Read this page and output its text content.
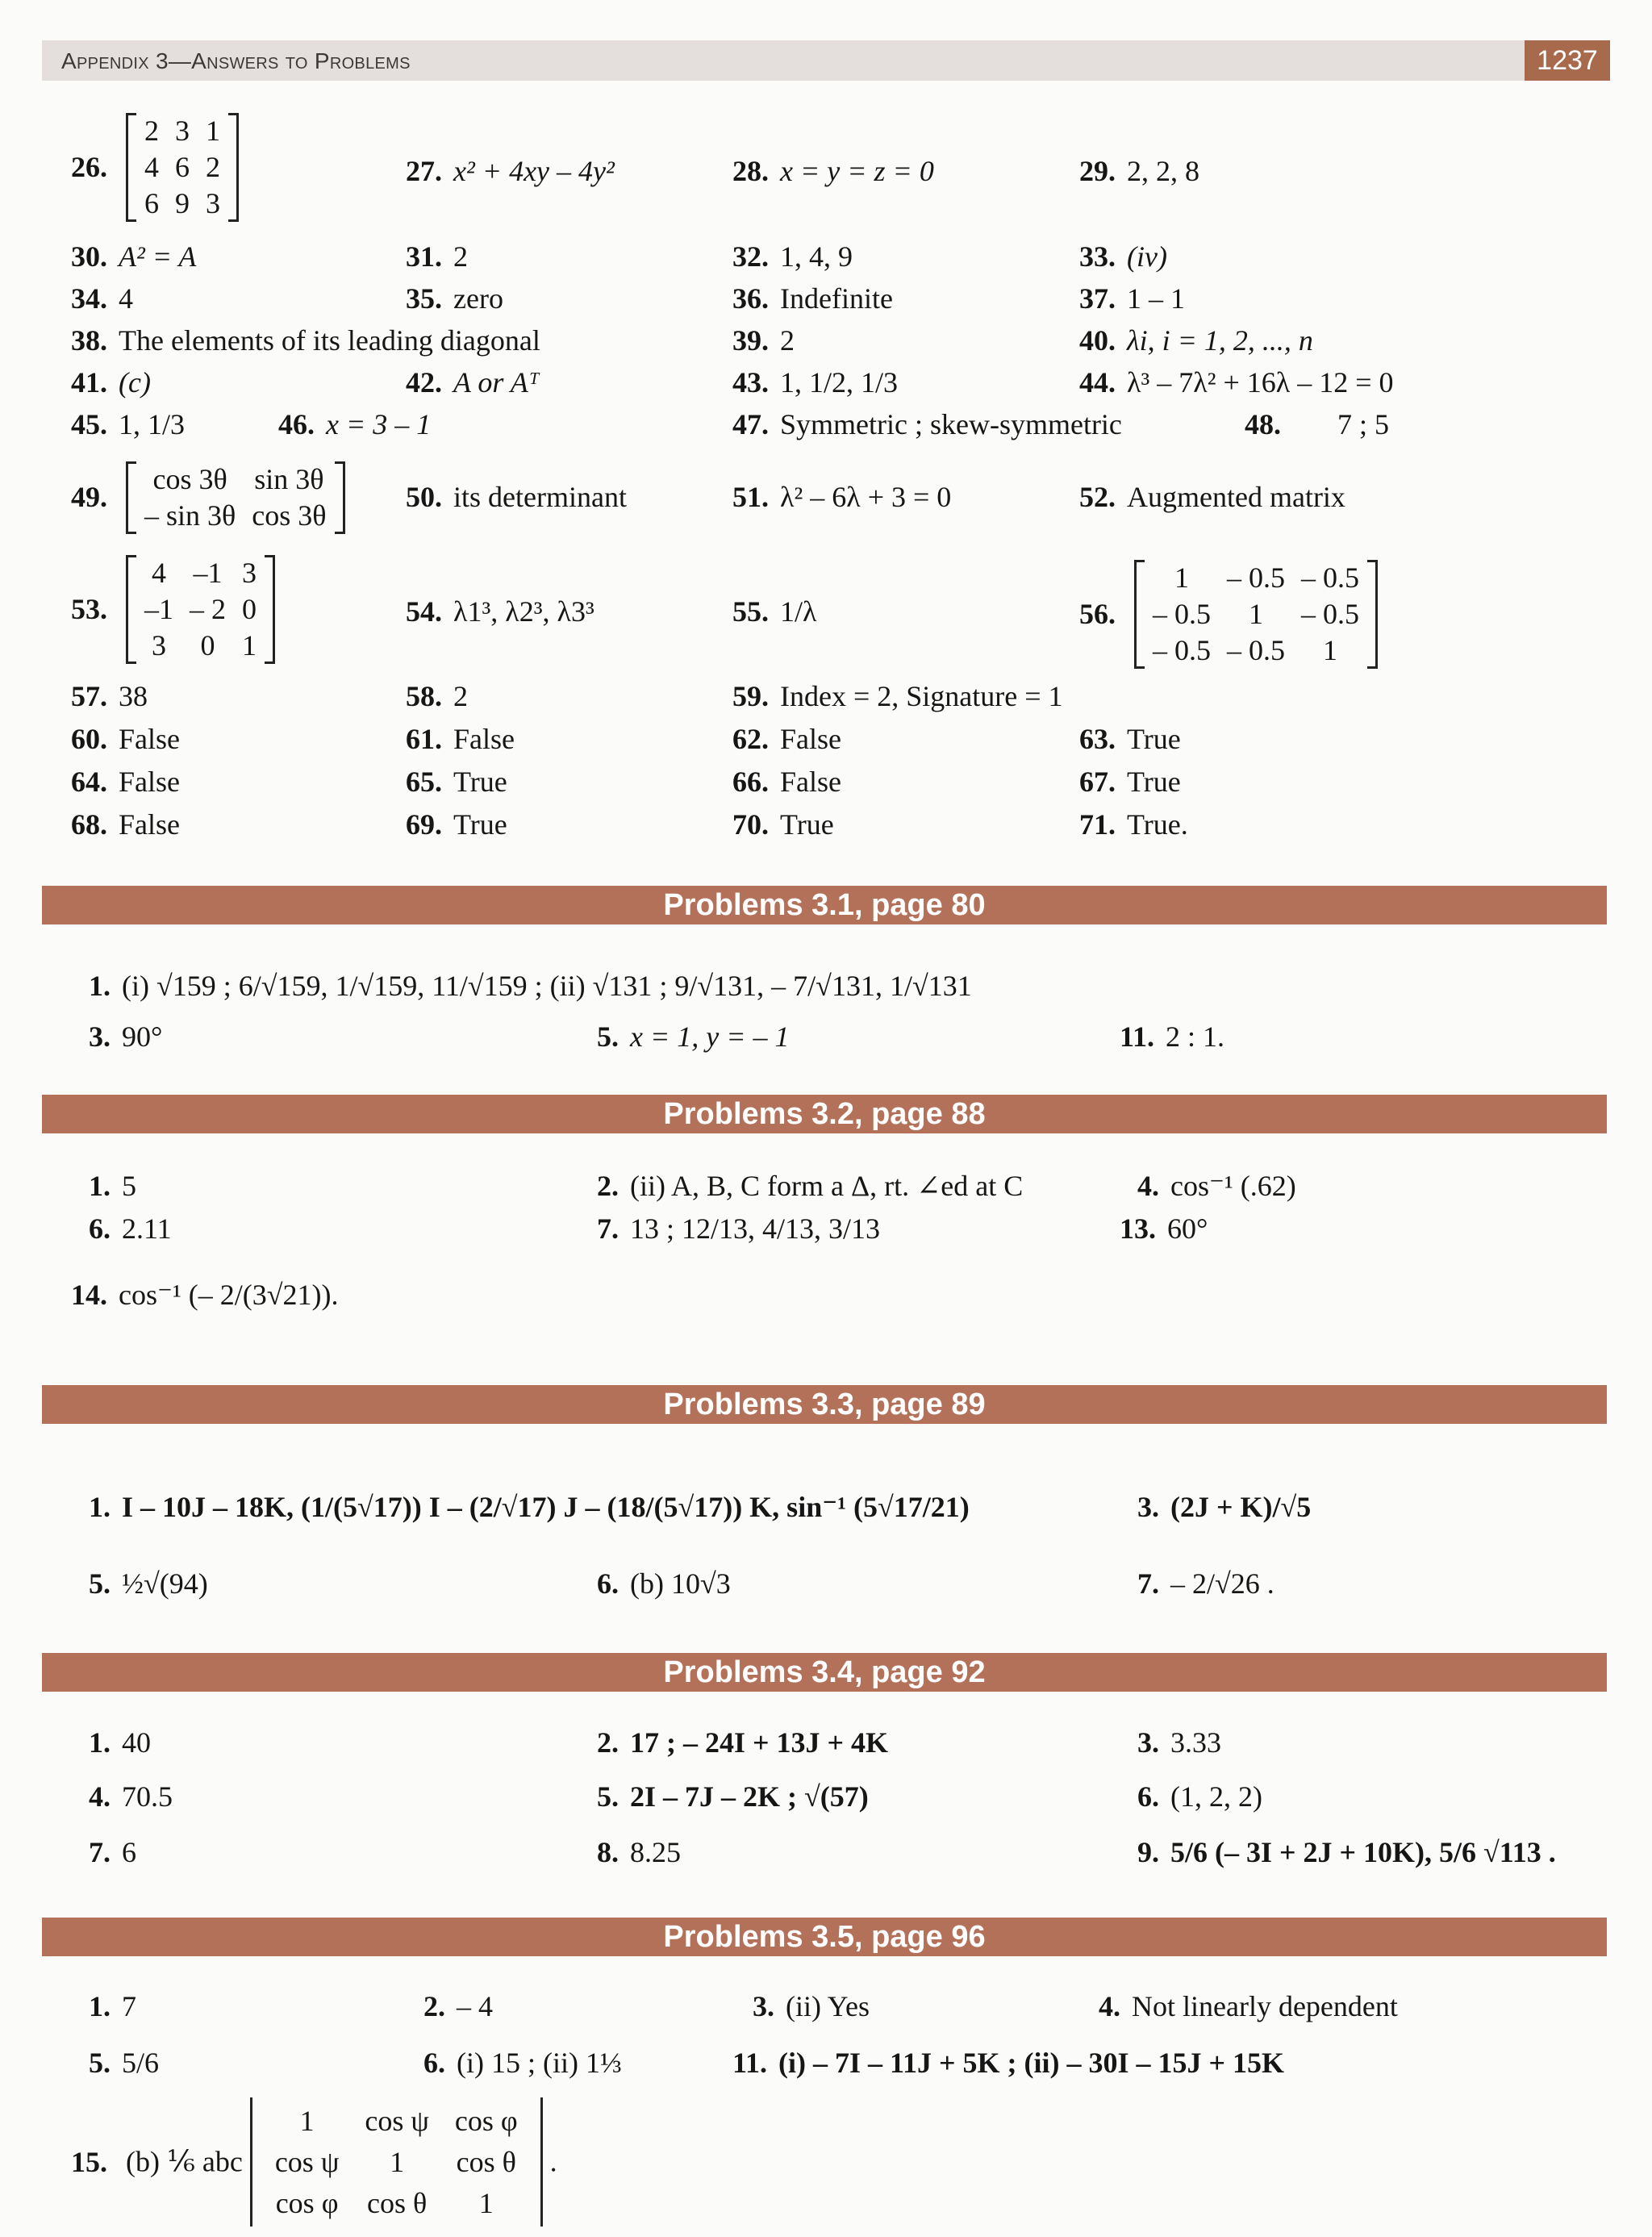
Appendix 3—Answers to Problems	1237
26.
2	3	1
4	6	2
6	9	3
27. x² + 4xy – 4y²	28. x = y = z = 0	29. 2, 2, 8
30. A² = A	31. 2	32. 1, 4, 9	33. (iv)
34. 4	35. zero	36. Indefinite	37. 1 – 1
38. The elements of its leading diagonal	39. 2	40. λi, i = 1, 2, ..., n
41. (c)	42. A or Aᵀ	43. 1, 1/2, 1/3	44. λ³ – 7λ² + 16λ – 12 = 0
45. 1, 1/3	46. x = 3 – 1	47. Symmetric ; skew-symmetric	48. 7 ; 5
49.
cos 3θ	sin 3θ
– sin 3θ	cos 3θ
50. its determinant	51. λ² – 6λ + 3 = 0	52. Augmented matrix
53.
4	–1	3
–1	– 2	0
3	0	1
54. λ1³, λ2³, λ3³	55. 1/λ	56.
1	– 0.5	– 0.5
– 0.5	1	– 0.5
– 0.5	– 0.5	1
57. 38	58. 2	59. Index = 2, Signature = 1
60. False	61. False	62. False	63. True
64. False	65. True	66. False	67. True
68. False	69. True	70. True	71. True.
Problems 3.1, page 80
1. (i) √159 ; 6/√159, 1/√159, 11/√159 ; (ii) √131 ; 9/√131, – 7/√131, 1/√131
3. 90°	5. x = 1, y = – 1	11. 2 : 1.
Problems 3.2, page 88
1. 5	2. (ii) A, B, C form a Δ, rt. ∠ed at C	4. cos⁻¹ (.62)
6. 2.11	7. 13 ; 12/13, 4/13, 3/13	13. 60°
14. cos⁻¹ (– 2/(3√21)).
Problems 3.3, page 89
1. I – 10J – 18K, (1/(5√17)) I – (2/√17) J – (18/(5√17)) K, sin⁻¹ (5√17/21)	3. (2J + K)/√5
5. ½√(94)	6. (b) 10√3	7. – 2/√26 .
Problems 3.4, page 92
1. 40	2. 17 ; – 24I + 13J + 4K	3. 3.33
4. 70.5	5. 2I – 7J – 2K ; √(57)	6. (1, 2, 2)
7. 6	8. 8.25	9. 5/6 (– 3I + 2J + 10K), 5/6 √113 .
Problems 3.5, page 96
1. 7	2. – 4	3. (ii) Yes	4. Not linearly dependent
5. 5/6	6. (i) 15 ; (ii) 1⅓	11. (i) – 7I – 11J + 5K ; (ii) – 30I – 15J + 15K
15. (b) ⅙ abc
1	cos ψ	cos φ
cos ψ	1	cos θ
cos φ	cos θ	1
.
